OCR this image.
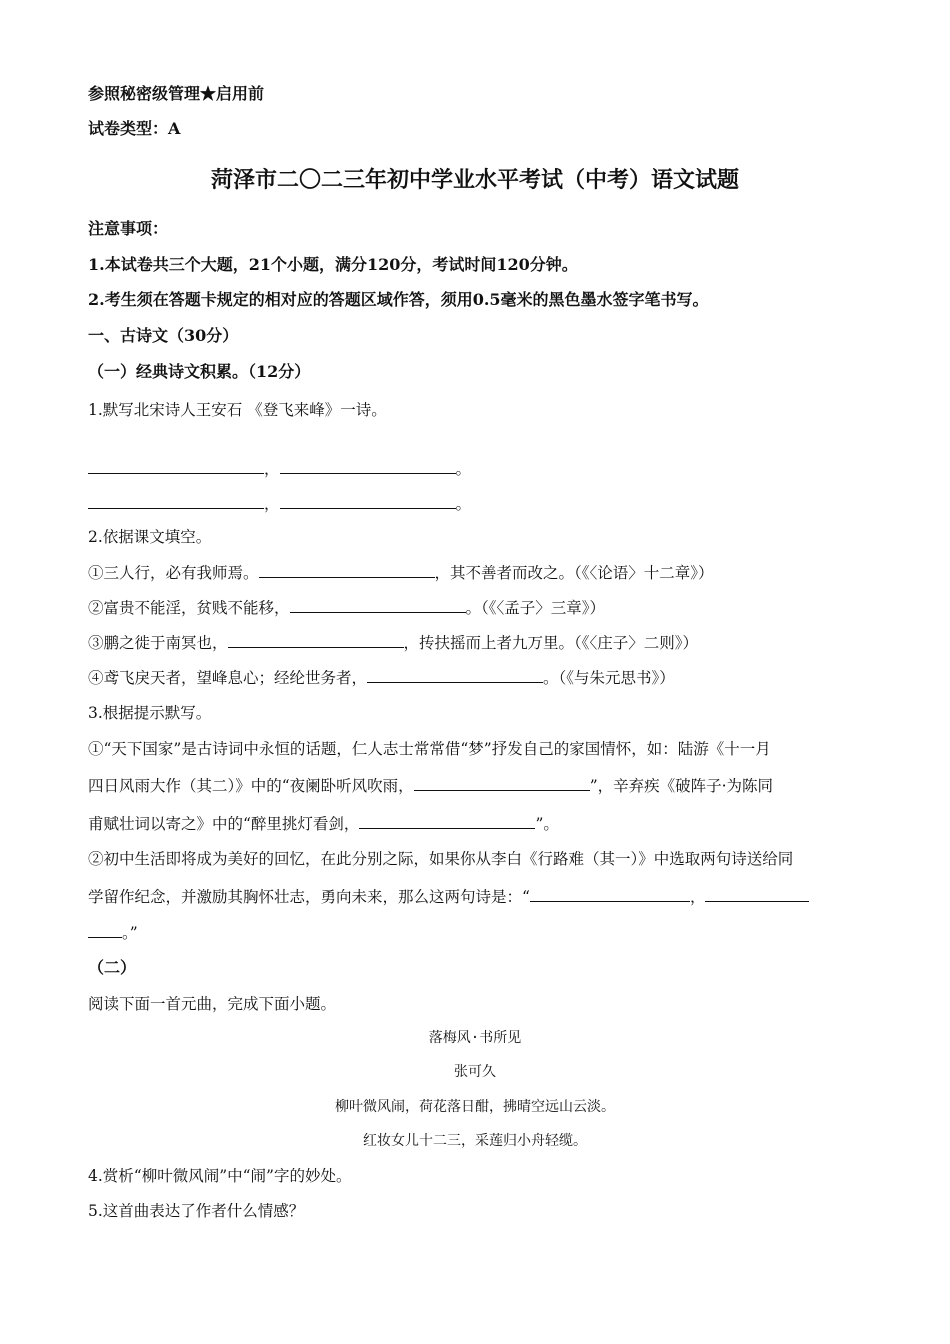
参照秘密级管理★启用前
试卷类型：A
菏泽市二〇二三年初中学业水平考试（中考）语文试题
注意事项：
1.本试卷共三个大题，21个小题，满分120分，考试时间120分钟。
2.考生须在答题卡规定的相对应的答题区域作答，须用0.5毫米的黑色墨水签字笔书写。
一、古诗文（30分）
（一）经典诗文积累。（12分）
1.默写北宋诗人王安石 《登飞来峰》一诗。
，	。
，	。
2.依据课文填空。
①三人行，必有我师焉。	，其不善者而改之。（《〈论语〉十二章》）
②富贵不能淫，贫贱不能移，	。（《〈孟子〉三章》）
③鹏之徙于南冥也，	，抟扶摇而上者九万里。（《〈庄子〉二则》）
④鸢飞戾天者，望峰息心；经纶世务者，	。（《与朱元思书》）
3.根据提示默写。
①“天下国家”是古诗词中永恒的话题，仁人志士常常借“梦”抒发自己的家国情怀，如：陆游《十一月
四日风雨大作（其二）》中的“夜阑卧听风吹雨，	”，辛弃疾《破阵子·为陈同
甫赋壮词以寄之》中的“醉里挑灯看剑，	”。
②初中生活即将成为美好的回忆，在此分别之际，如果你从李白《行路难（其一）》中选取两句诗送给同
学留作纪念，并激励其胸怀壮志，勇向未来，那么这两句诗是：“	，
。”
（二）
阅读下面一首元曲，完成下面小题。
落梅风·书所见
张可久
柳叶微风闹，荷花落日酣，拂晴空远山云淡。
红妆女儿十二三，采莲归小舟轻缆。
4.赏析“柳叶微风闹”中“闹”字的妙处。
5.这首曲表达了作者什么情感？
